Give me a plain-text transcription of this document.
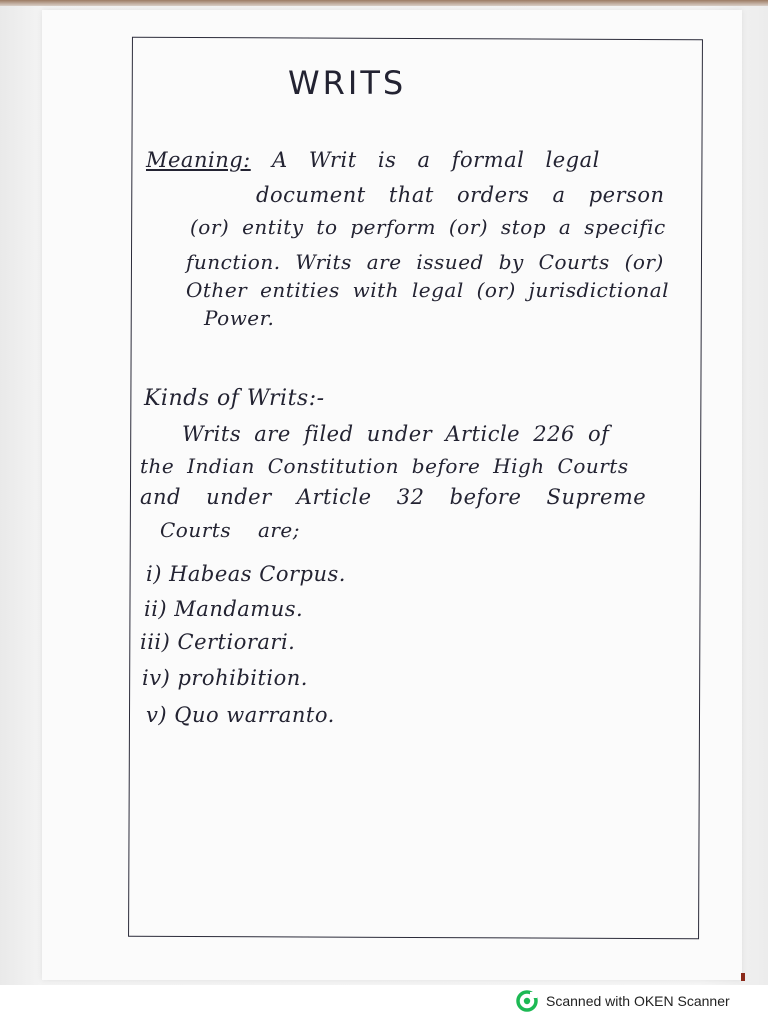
WRITS
Meaning: A Writ is a formal legal
document that orders a person
(or) entity to perform (or) stop a specific
function. Writs are issued by Courts (or)
Other entities with legal (or) jurisdictional
Power.
Kinds of Writs:-
Writs are filed under Article 226 of
the Indian Constitution before High Courts
and under Article 32 before Supreme
Courts are;
i) Habeas Corpus.
ii) Mandamus.
iii) Certiorari.
iv) prohibition.
v) Quo warranto.
Scanned with OKEN Scanner
